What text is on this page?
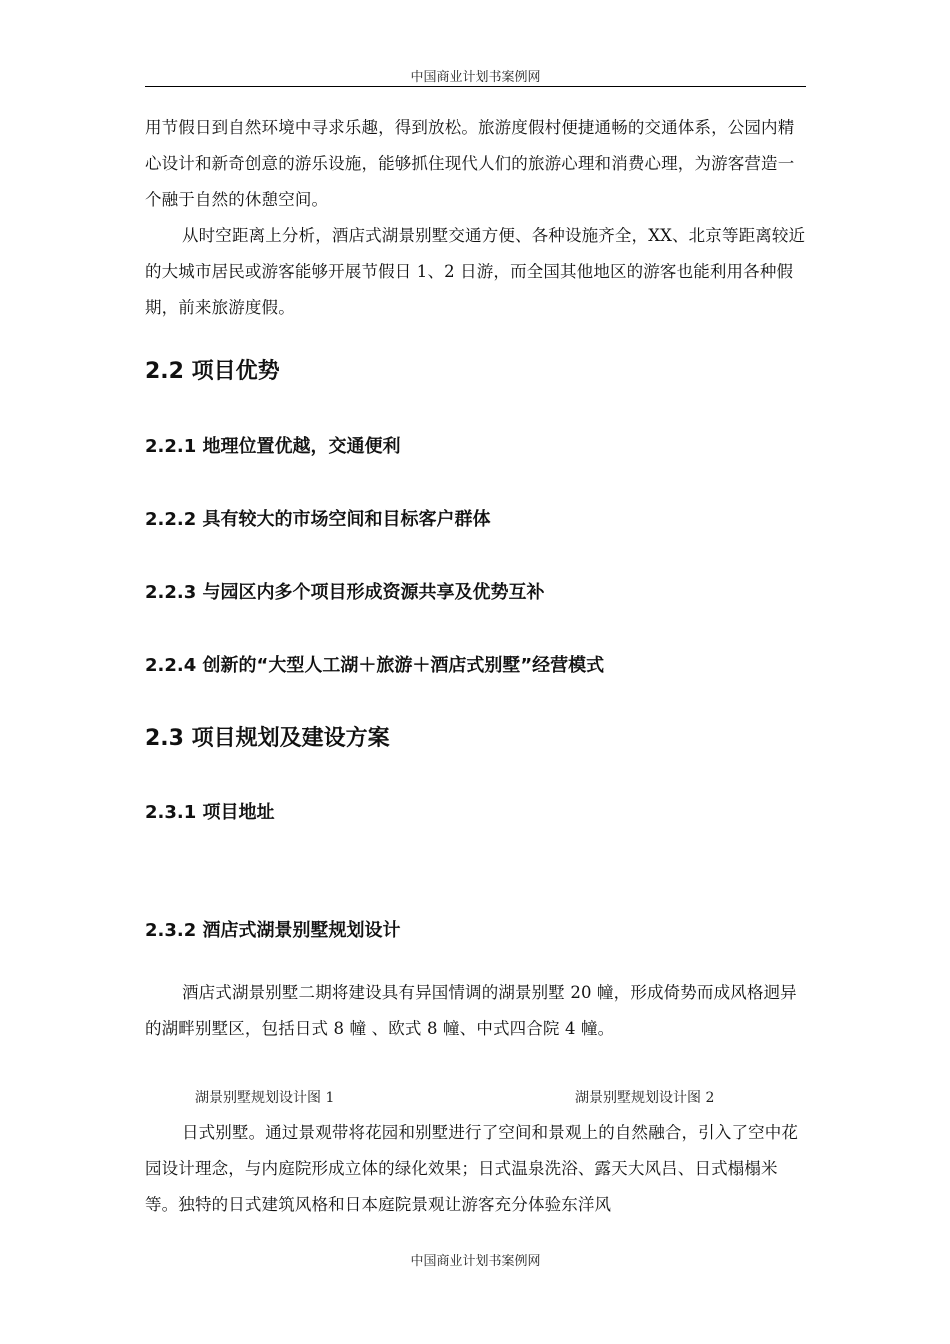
中国商业计划书案例网

用节假日到自然环境中寻求乐趣，得到放松。旅游度假村便捷通畅的交通体系，公园内精心设计和新奇创意的游乐设施，能够抓住现代人们的旅游心理和消费心理，为游客营造一个融于自然的休憩空间。

从时空距离上分析，酒店式湖景别墅交通方便、各种设施齐全，XX、北京等距离较近的大城市居民或游客能够开展节假日 1、2 日游，而全国其他地区的游客也能利用各种假期，前来旅游度假。

2.2 项目优势
2.2.1 地理位置优越，交通便利
2.2.2 具有较大的市场空间和目标客户群体
2.2.3 与园区内多个项目形成资源共享及优势互补
2.2.4 创新的“大型人工湖＋旅游＋酒店式别墅”经营模式
2.3 项目规划及建设方案
2.3.1 项目地址
2.3.2 酒店式湖景别墅规划设计

酒店式湖景别墅二期将建设具有异国情调的湖景别墅 20 幢，形成倚势而成风格迥异的湖畔别墅区，包括日式 8 幢 、欧式 8 幢、中式四合院 4 幢。

湖景别墅规划设计图 1	湖景别墅规划设计图 2

日式别墅。通过景观带将花园和别墅进行了空间和景观上的自然融合，引入了空中花园设计理念，与内庭院形成立体的绿化效果；日式温泉洗浴、露天大风吕、日式榻榻米等。独特的日式建筑风格和日本庭院景观让游客充分体验东洋风

中国商业计划书案例网
